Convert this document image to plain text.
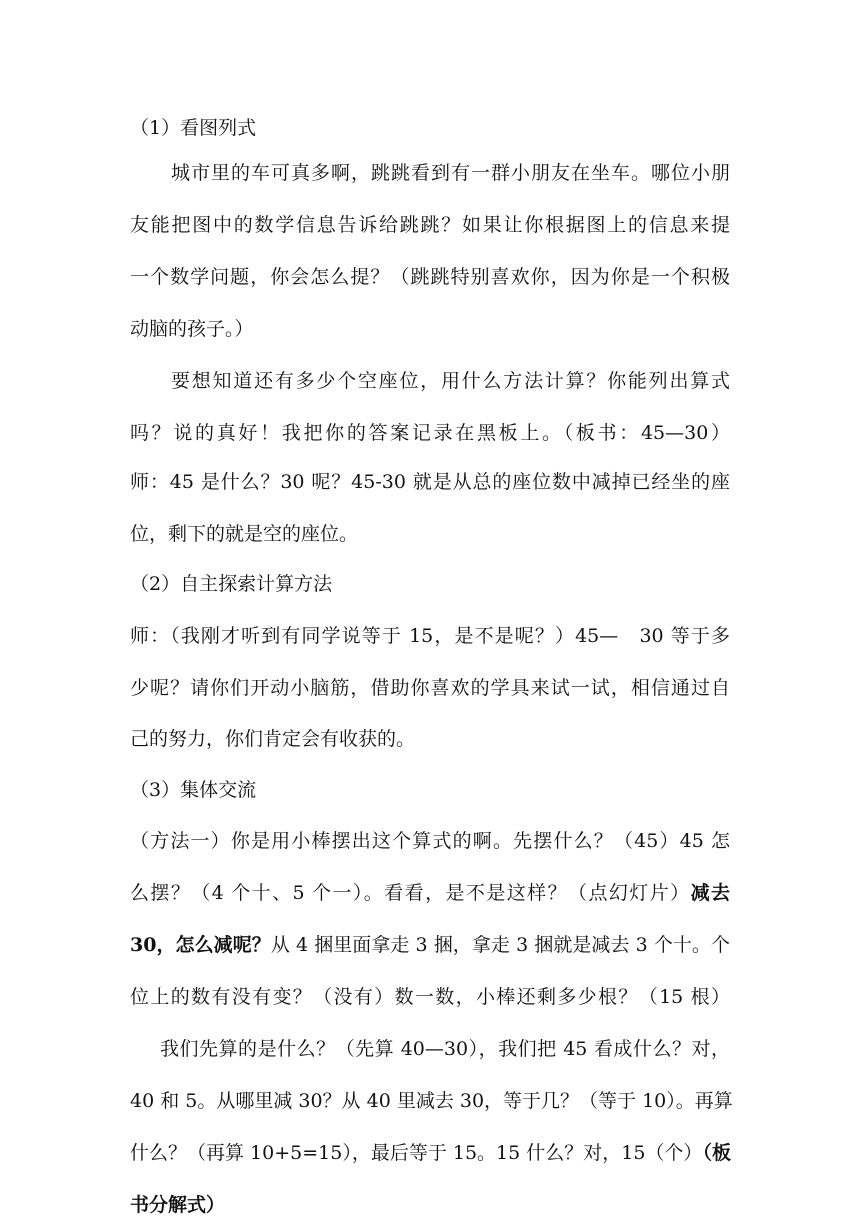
（1）看图列式
城市里的车可真多啊，跳跳看到有一群小朋友在坐车。哪位小朋
友能把图中的数学信息告诉给跳跳？如果让你根据图上的信息来提
一个数学问题，你会怎么提？（跳跳特别喜欢你，因为你是一个积极
动脑的孩子。）
要想知道还有多少个空座位，用什么方法计算？你能列出算式
吗？说的真好！我把你的答案记录在黑板上。（板书：45—30）
师：45 是什么？30 呢？45-30 就是从总的座位数中减掉已经坐的座
位，剩下的就是空的座位。
（2）自主探索计算方法
师：（我刚才听到有同学说等于 15，是不是呢？）45—　30 等于多
少呢？请你们开动小脑筋，借助你喜欢的学具来试一试，相信通过自
己的努力，你们肯定会有收获的。
（3）集体交流
（方法一）你是用小棒摆出这个算式的啊。先摆什么？（45）45 怎
么摆？（4 个十、5 个一）。看看，是不是这样？（点幻灯片）减去
30，怎么减呢？从 4 捆里面拿走 3 捆，拿走 3 捆就是减去 3 个十。个
位上的数有没有变？（没有）数一数，小棒还剩多少根？（15 根）
我们先算的是什么？（先算 40—30），我们把 45 看成什么？对，
40 和 5。从哪里减 30？从 40 里减去 30，等于几？（等于 10）。再算
什么？（再算 10+5=15），最后等于 15。15 什么？对，15（个）（板
书分解式）
